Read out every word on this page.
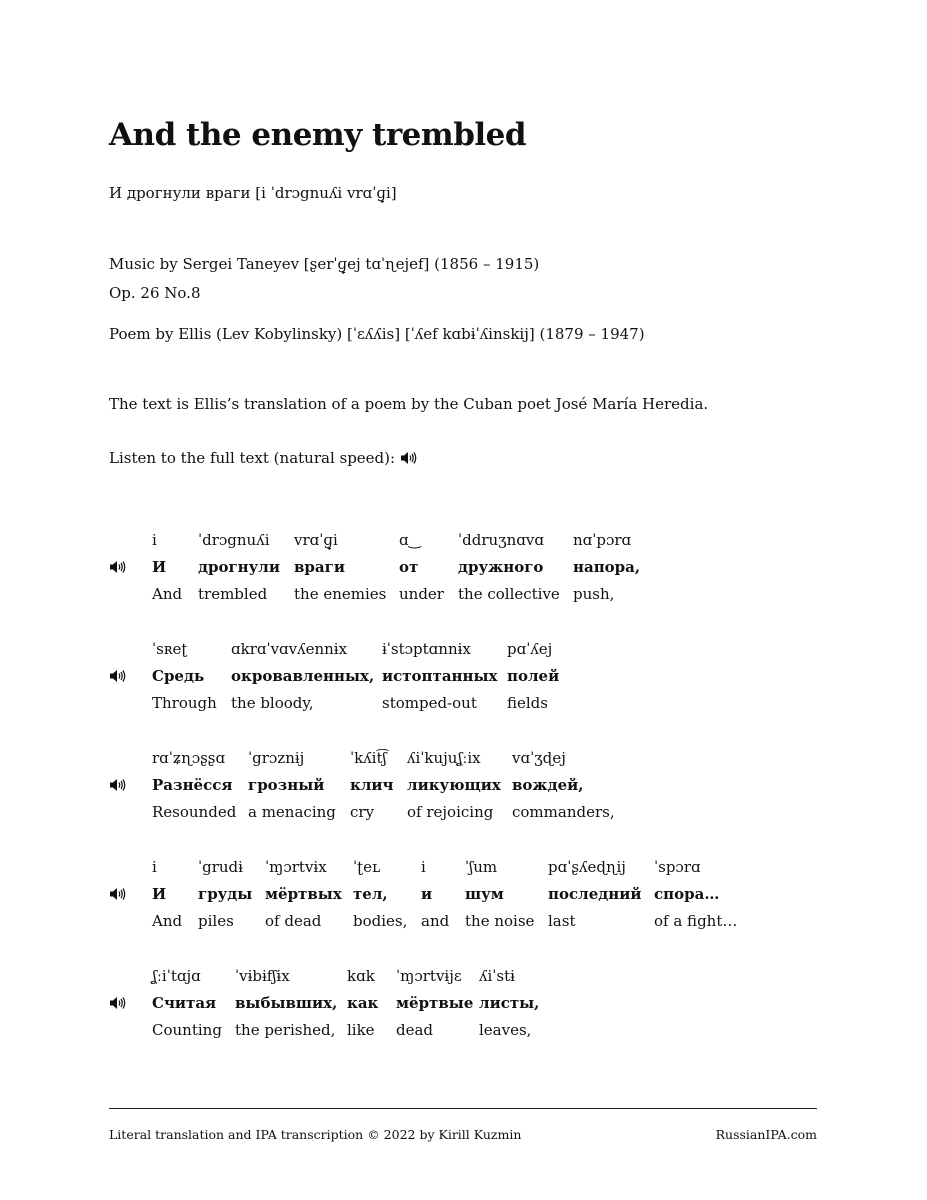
And the enemy trembled
И дрогнули враги [i ˈdrɔgnuʎi vrɑˈɡ̟i]
Music by Sergei Taneyev [ʂerˈɡ̟ej tɑˈɳejef] (1856 – 1915)
Op. 26 No.8
Poem by Ellis (Lev Kobylinsky) [ˈɛʎʎis] [ˈʎef kɑbɨˈʎinskij] (1879 – 1947)
The text is Ellis’s translation of a poem by the Cuban poet José María Heredia.
Listen to the full text (natural speed):
i
И
And
ˈdrɔgnuʎi
дрогнули
trembled
vrɑˈɡ̟i
враги
the enemies
ɑ‿
от
under
ˈddruʒnɑvɑ
дружного
the collective
nɑˈpɔrɑ
напора,
push,
ˈsʀeʈ
Средь
Through
ɑkrɑˈvɑvʎennɨx
окровавленных,
the bloody,
ɨˈstɔptɑnnɨx
истоптанных
stomped-out
pɑˈʎej
полей
fields
rɑˈʑɳɔʂʂɑ
Разнёсся
Resounded
ˈgrɔznɨj
грозный
a menacing
ˈkʎit͡ʃ
клич
cry
ʎiˈkujuʆːix
ликующих
of rejoicing
vɑˈʒɖej
вождей,
commanders,
i
И
And
ˈgrudɨ
груды
piles
ˈɱɔrtvɨx
мёртвых
of dead
ˈʈeʟ
тел,
bodies,
i
и
and
ˈʃum
шум
the noise
pɑˈʂʎeɖɳij
последний
last
ˈspɔrɑ
спора…
of a fight…
ʆːiˈtɑjɑ
Считая
Counting
ˈvɨbɨfʃɨx
выбывших,
the perished,
kɑk
как
like
ˈɱɔrtvɨjɛ
мёртвые
dead
ʎiˈstɨ
листы,
leaves,
Literal translation and IPA transcription © 2022 by Kirill Kuzmin	RussianIPA.com
